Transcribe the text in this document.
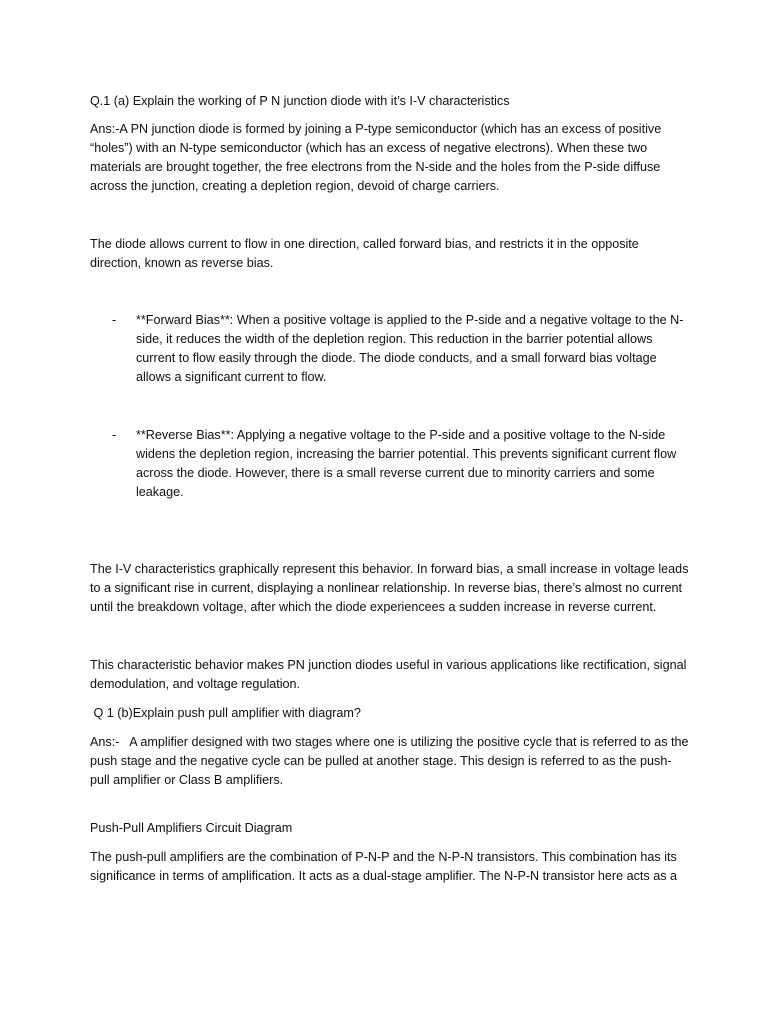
Q.1 (a) Explain the working of P N junction diode with it’s I-V characteristics

Ans:-A PN junction diode is formed by joining a P-type semiconductor (which has an excess of positive “holes”) with an N-type semiconductor (which has an excess of negative electrons). When these two materials are brought together, the free electrons from the N-side and the holes from the P-side diffuse across the junction, creating a depletion region, devoid of charge carriers.

The diode allows current to flow in one direction, called forward bias, and restricts it in the opposite direction, known as reverse bias.

-	**Forward Bias**: When a positive voltage is applied to the P-side and a negative voltage to the N-side, it reduces the width of the depletion region. This reduction in the barrier potential allows current to flow easily through the diode. The diode conducts, and a small forward bias voltage allows a significant current to flow.
-	**Reverse Bias**: Applying a negative voltage to the P-side and a positive voltage to the N-side widens the depletion region, increasing the barrier potential. This prevents significant current flow across the diode. However, there is a small reverse current due to minority carriers and some leakage.

The I-V characteristics graphically represent this behavior. In forward bias, a small increase in voltage leads to a significant rise in current, displaying a nonlinear relationship. In reverse bias, there’s almost no current until the breakdown voltage, after which the diode experiencees a sudden increase in reverse current.

This characteristic behavior makes PN junction diodes useful in various applications like rectification, signal demodulation, and voltage regulation.

Q 1 (b)Explain push pull amplifier with diagram?

Ans:-   A amplifier designed with two stages where one is utilizing the positive cycle that is referred to as the push stage and the negative cycle can be pulled at another stage. This design is referred to as the push-pull amplifier or Class B amplifiers.

Push-Pull Amplifiers Circuit Diagram

The push-pull amplifiers are the combination of P-N-P and the N-P-N transistors. This combination has its significance in terms of amplification. It acts as a dual-stage amplifier. The N-P-N transistor here acts as a
